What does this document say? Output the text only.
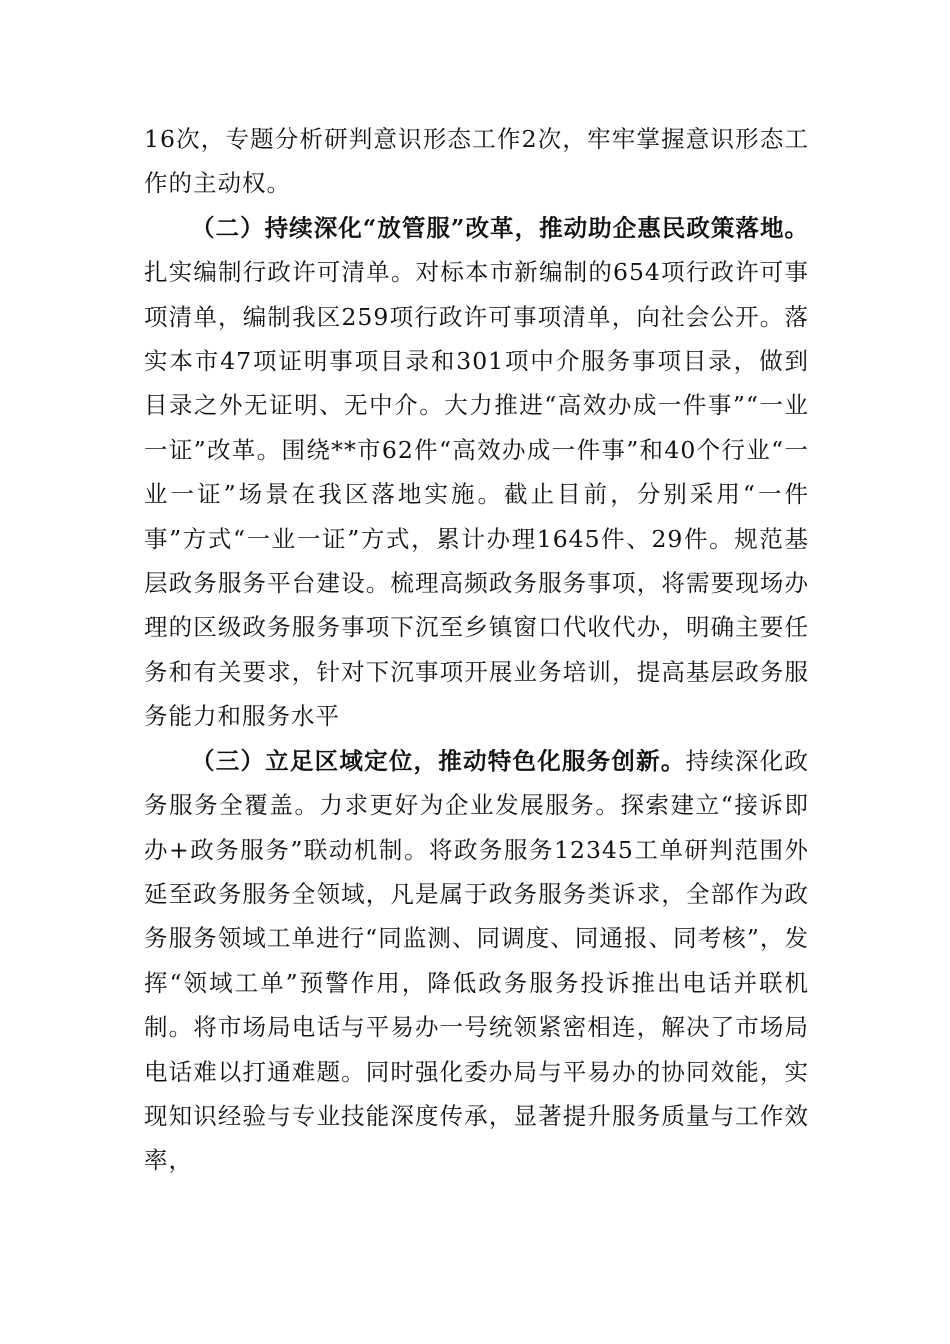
16次，专题分析研判意识形态工作2次，牢牢掌握意识形态工作的主动权。

（二）持续深化“放管服”改革，推动助企惠民政策落地。扎实编制行政许可清单。对标本市新编制的654项行政许可事项清单，编制我区259项行政许可事项清单，向社会公开。落实本市47项证明事项目录和301项中介服务事项目录，做到目录之外无证明、无中介。大力推进“高效办成一件事”“一业一证”改革。围绕**市62件“高效办成一件事”和40个行业“一业一证”场景在我区落地实施。截止目前，分别采用“一件事”方式“一业一证”方式，累计办理1645件、29件。规范基层政务服务平台建设。梳理高频政务服务事项，将需要现场办理的区级政务服务事项下沉至乡镇窗口代收代办，明确主要任务和有关要求，针对下沉事项开展业务培训，提高基层政务服务能力和服务水平

（三）立足区域定位，推动特色化服务创新。持续深化政务服务全覆盖。力求更好为企业发展服务。探索建立“接诉即办+政务服务”联动机制。将政务服务12345工单研判范围外延至政务服务全领域，凡是属于政务服务类诉求，全部作为政务服务领域工单进行“同监测、同调度、同通报、同考核”，发挥“领域工单”预警作用，降低政务服务投诉推出电话并联机制。将市场局电话与平易办一号统领紧密相连，解决了市场局电话难以打通难题。同时强化委办局与平易办的协同效能，实现知识经验与专业技能深度传承，显著提升服务质量与工作效率，
